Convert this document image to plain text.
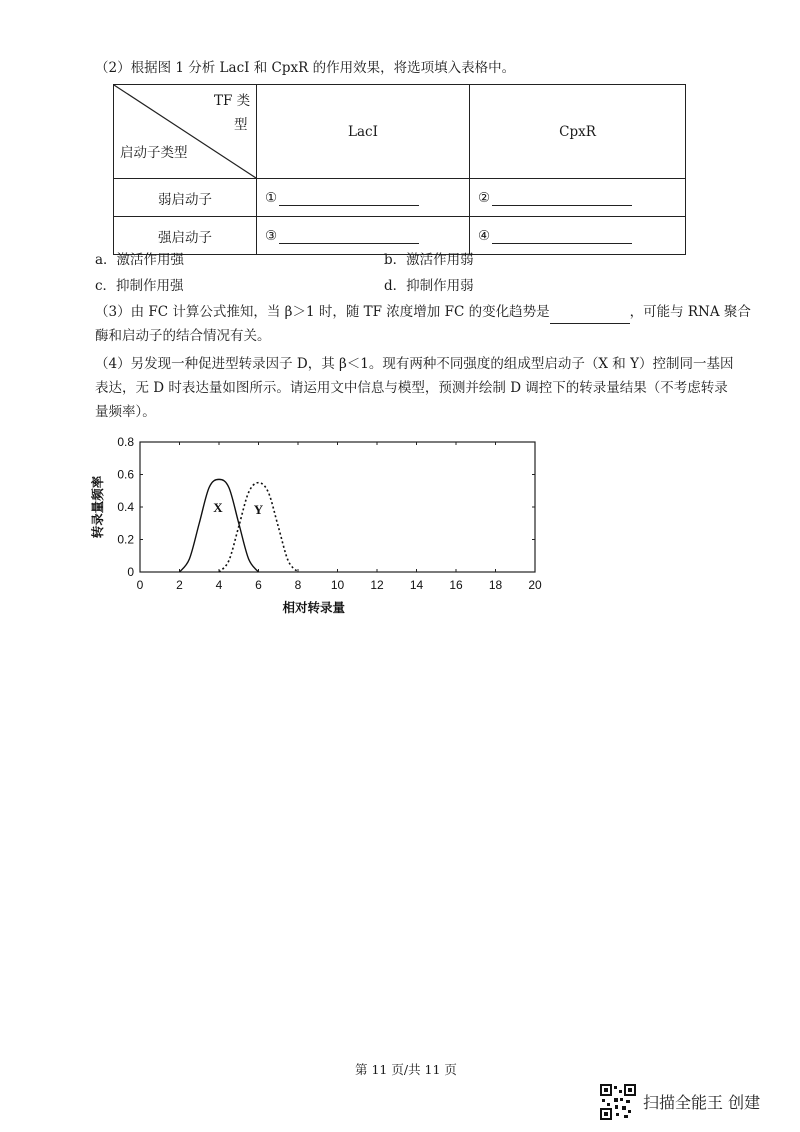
（2）根据图 1 分析 LacI 和 CpxR 的作用效果，将选项填入表格中。
TF 类
型
启动子类型	LacI	CpxR
弱启动子	①	②
强启动子	③	④
a．激活作用强	b．激活作用弱
c．抑制作用强	d．抑制作用弱
（3）由 FC 计算公式推知，当 β＞1 时，随 TF 浓度增加 FC 的变化趋势是	，可能与 RNA 聚合
酶和启动子的结合情况有关。
（4）另发现一种促进型转录因子 D，其 β＜1。现有两种不同强度的组成型启动子（X 和 Y）控制同一基因
表达，无 D 时表达量如图所示。请运用文中信息与模型，预测并绘制 D 调控下的转录量结果（不考虑转录
量频率）。
0	2	4	6	8 10 12 14 16 18 20
0
0.2
0.4
0.6
0.8
相对转录量
转录量频率	X Y
第 11 页/共 11 页
扫描全能王 创建
